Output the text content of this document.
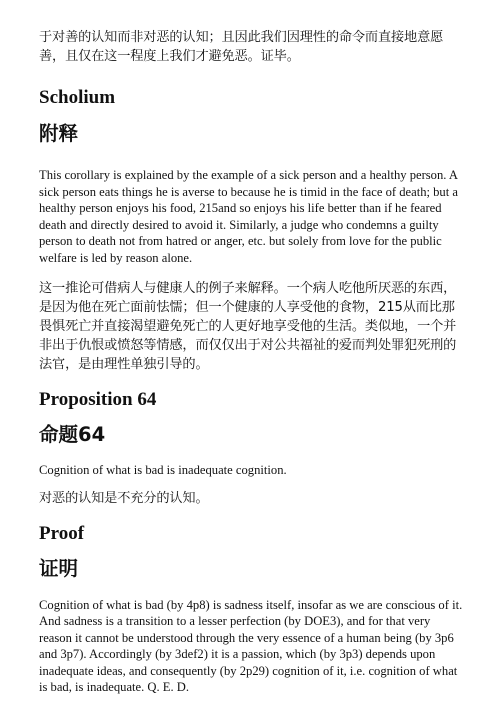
于对善的认知而非对恶的认知；且因此我们因理性的命令而直接地意愿善，且仅在这一程度上我们才避免恶。证毕。

Scholium
附释

This corollary is explained by the example of a sick person and a healthy person. A sick person eats things he is averse to because he is timid in the face of death; but a healthy person enjoys his food, 215and so enjoys his life better than if he feared death and directly desired to avoid it. Similarly, a judge who condemns a guilty person to death not from hatred or anger, etc. but solely from love for the public welfare is led by reason alone.

这一推论可借病人与健康人的例子来解释。一个病人吃他所厌恶的东西，是因为他在死亡面前怯懦；但一个健康的人享受他的食物，215从而比那畏惧死亡并直接渴望避免死亡的人更好地享受他的生活。类似地，一个并非出于仇恨或愤怒等情感，而仅仅出于对公共福祉的爱而判处罪犯死刑的法官，是由理性单独引导的。

Proposition 64
命题64

Cognition of what is bad is inadequate cognition.

对恶的认知是不充分的认知。

Proof
证明

Cognition of what is bad (by 4p8) is sadness itself, insofar as we are conscious of it. And sadness is a transition to a lesser perfection (by DOE3), and for that very reason it cannot be understood through the very essence of a human being (by 3p6 and 3p7). Accordingly (by 3def2) it is a passion, which (by 3p3) depends upon inadequate ideas, and consequently (by 2p29) cognition of it, i.e. cognition of what is bad, is inadequate. Q. E. D.
